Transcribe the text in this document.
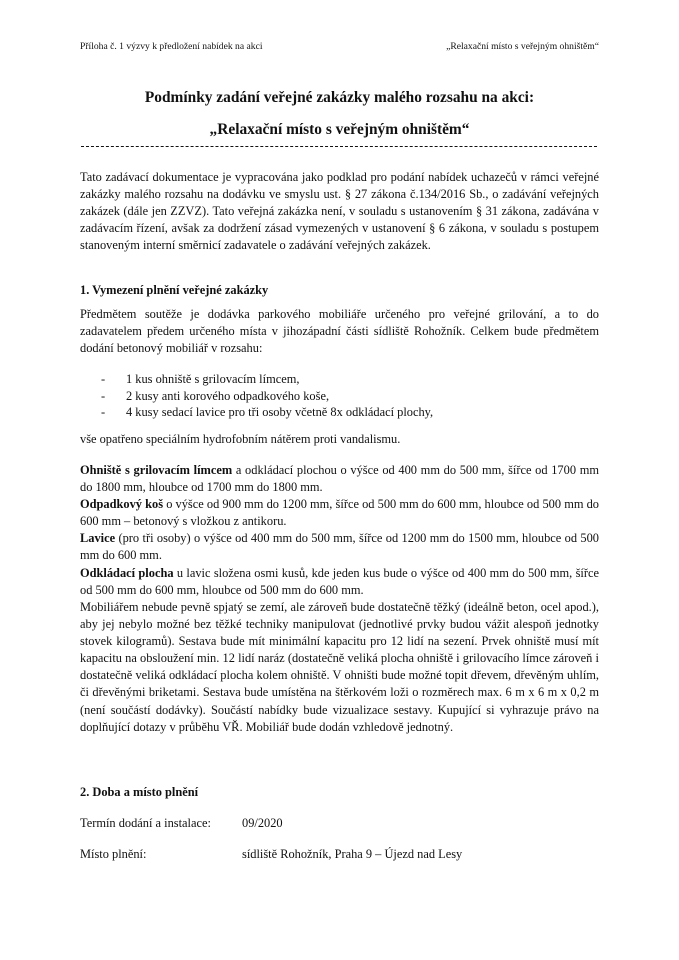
Příloha č. 1 výzvy k předložení nabídek na akci	„Relaxační místo s veřejným ohništěm“
Podmínky zadání veřejné zakázky malého rozsahu na akci:
„Relaxační místo s veřejným ohništěm“
Tato zadávací dokumentace je vypracována jako podklad pro podání nabídek uchazečů v rámci veřejné zakázky malého rozsahu na dodávku ve smyslu ust. § 27 zákona č.134/2016 Sb., o zadávání veřejných zakázek (dále jen ZZVZ). Tato veřejná zakázka není, v souladu s ustanovením § 31 zákona, zadávána v zadávacím řízení, avšak za dodržení zásad vymezených v ustanovení § 6 zákona, v souladu s postupem stanoveným interní směrnicí zadavatele o zadávání veřejných zakázek.
1. Vymezení plnění veřejné zakázky
Předmětem soutěže je dodávka parkového mobiliáře určeného pro veřejné grilování, a to do zadavatelem předem určeného místa v jihozápadní části sídliště Rohožník. Celkem bude předmětem dodání betonový mobiliář v rozsahu:
-	1 kus ohniště s grilovacím límcem,
-	2 kusy anti korového odpadkového koše,
-	4 kusy sedací lavice pro tři osoby včetně 8x odkládací plochy,
vše opatřeno speciálním hydrofobním nátěrem proti vandalismu.
Ohniště s grilovacím límcem a odkládací plochou o výšce od 400 mm do 500 mm, šířce od 1700 mm do 1800 mm, hloubce od 1700 mm do 1800 mm.
Odpadkový koš o výšce od 900 mm do 1200 mm, šířce od 500 mm do 600 mm, hloubce od 500 mm do 600 mm – betonový s vložkou z antikoru.
Lavice (pro tři osoby) o výšce od 400 mm do 500 mm, šířce od 1200 mm do 1500 mm, hloubce od 500 mm do 600 mm.
Odkládací plocha u lavic složena osmi kusů, kde jeden kus bude o výšce od 400 mm do 500 mm, šířce od 500 mm do 600 mm, hloubce od 500 mm do 600 mm.
Mobiliářem nebude pevně spjatý se zemí, ale zároveň bude dostatečně těžký (ideálně beton, ocel apod.), aby jej nebylo možné bez těžké techniky manipulovat (jednotlivé prvky budou vážit alespoň jednotky stovek kilogramů). Sestava bude mít minimální kapacitu pro 12 lidí na sezení. Prvek ohniště musí mít kapacitu na obsloužení min. 12 lidí naráz (dostatečně veliká plocha ohniště i grilovacího límce zároveň i dostatečně veliká odkládací plocha kolem ohniště. V ohništi bude možné topit dřevem, dřevěným uhlím, či dřevěnými briketami. Sestava bude umístěna na štěrkovém loži o rozměrech max. 6 m x 6 m x 0,2 m (není součástí dodávky). Součástí nabídky bude vizualizace sestavy. Kupující si vyhrazuje právo na doplňující dotazy v průběhu VŘ. Mobiliář bude dodán vzhledově jednotný.
2. Doba a místo plnění
Termín dodání a instalace:	09/2020
Místo plnění:	sídliště Rohožník, Praha 9 – Újezd nad Lesy
